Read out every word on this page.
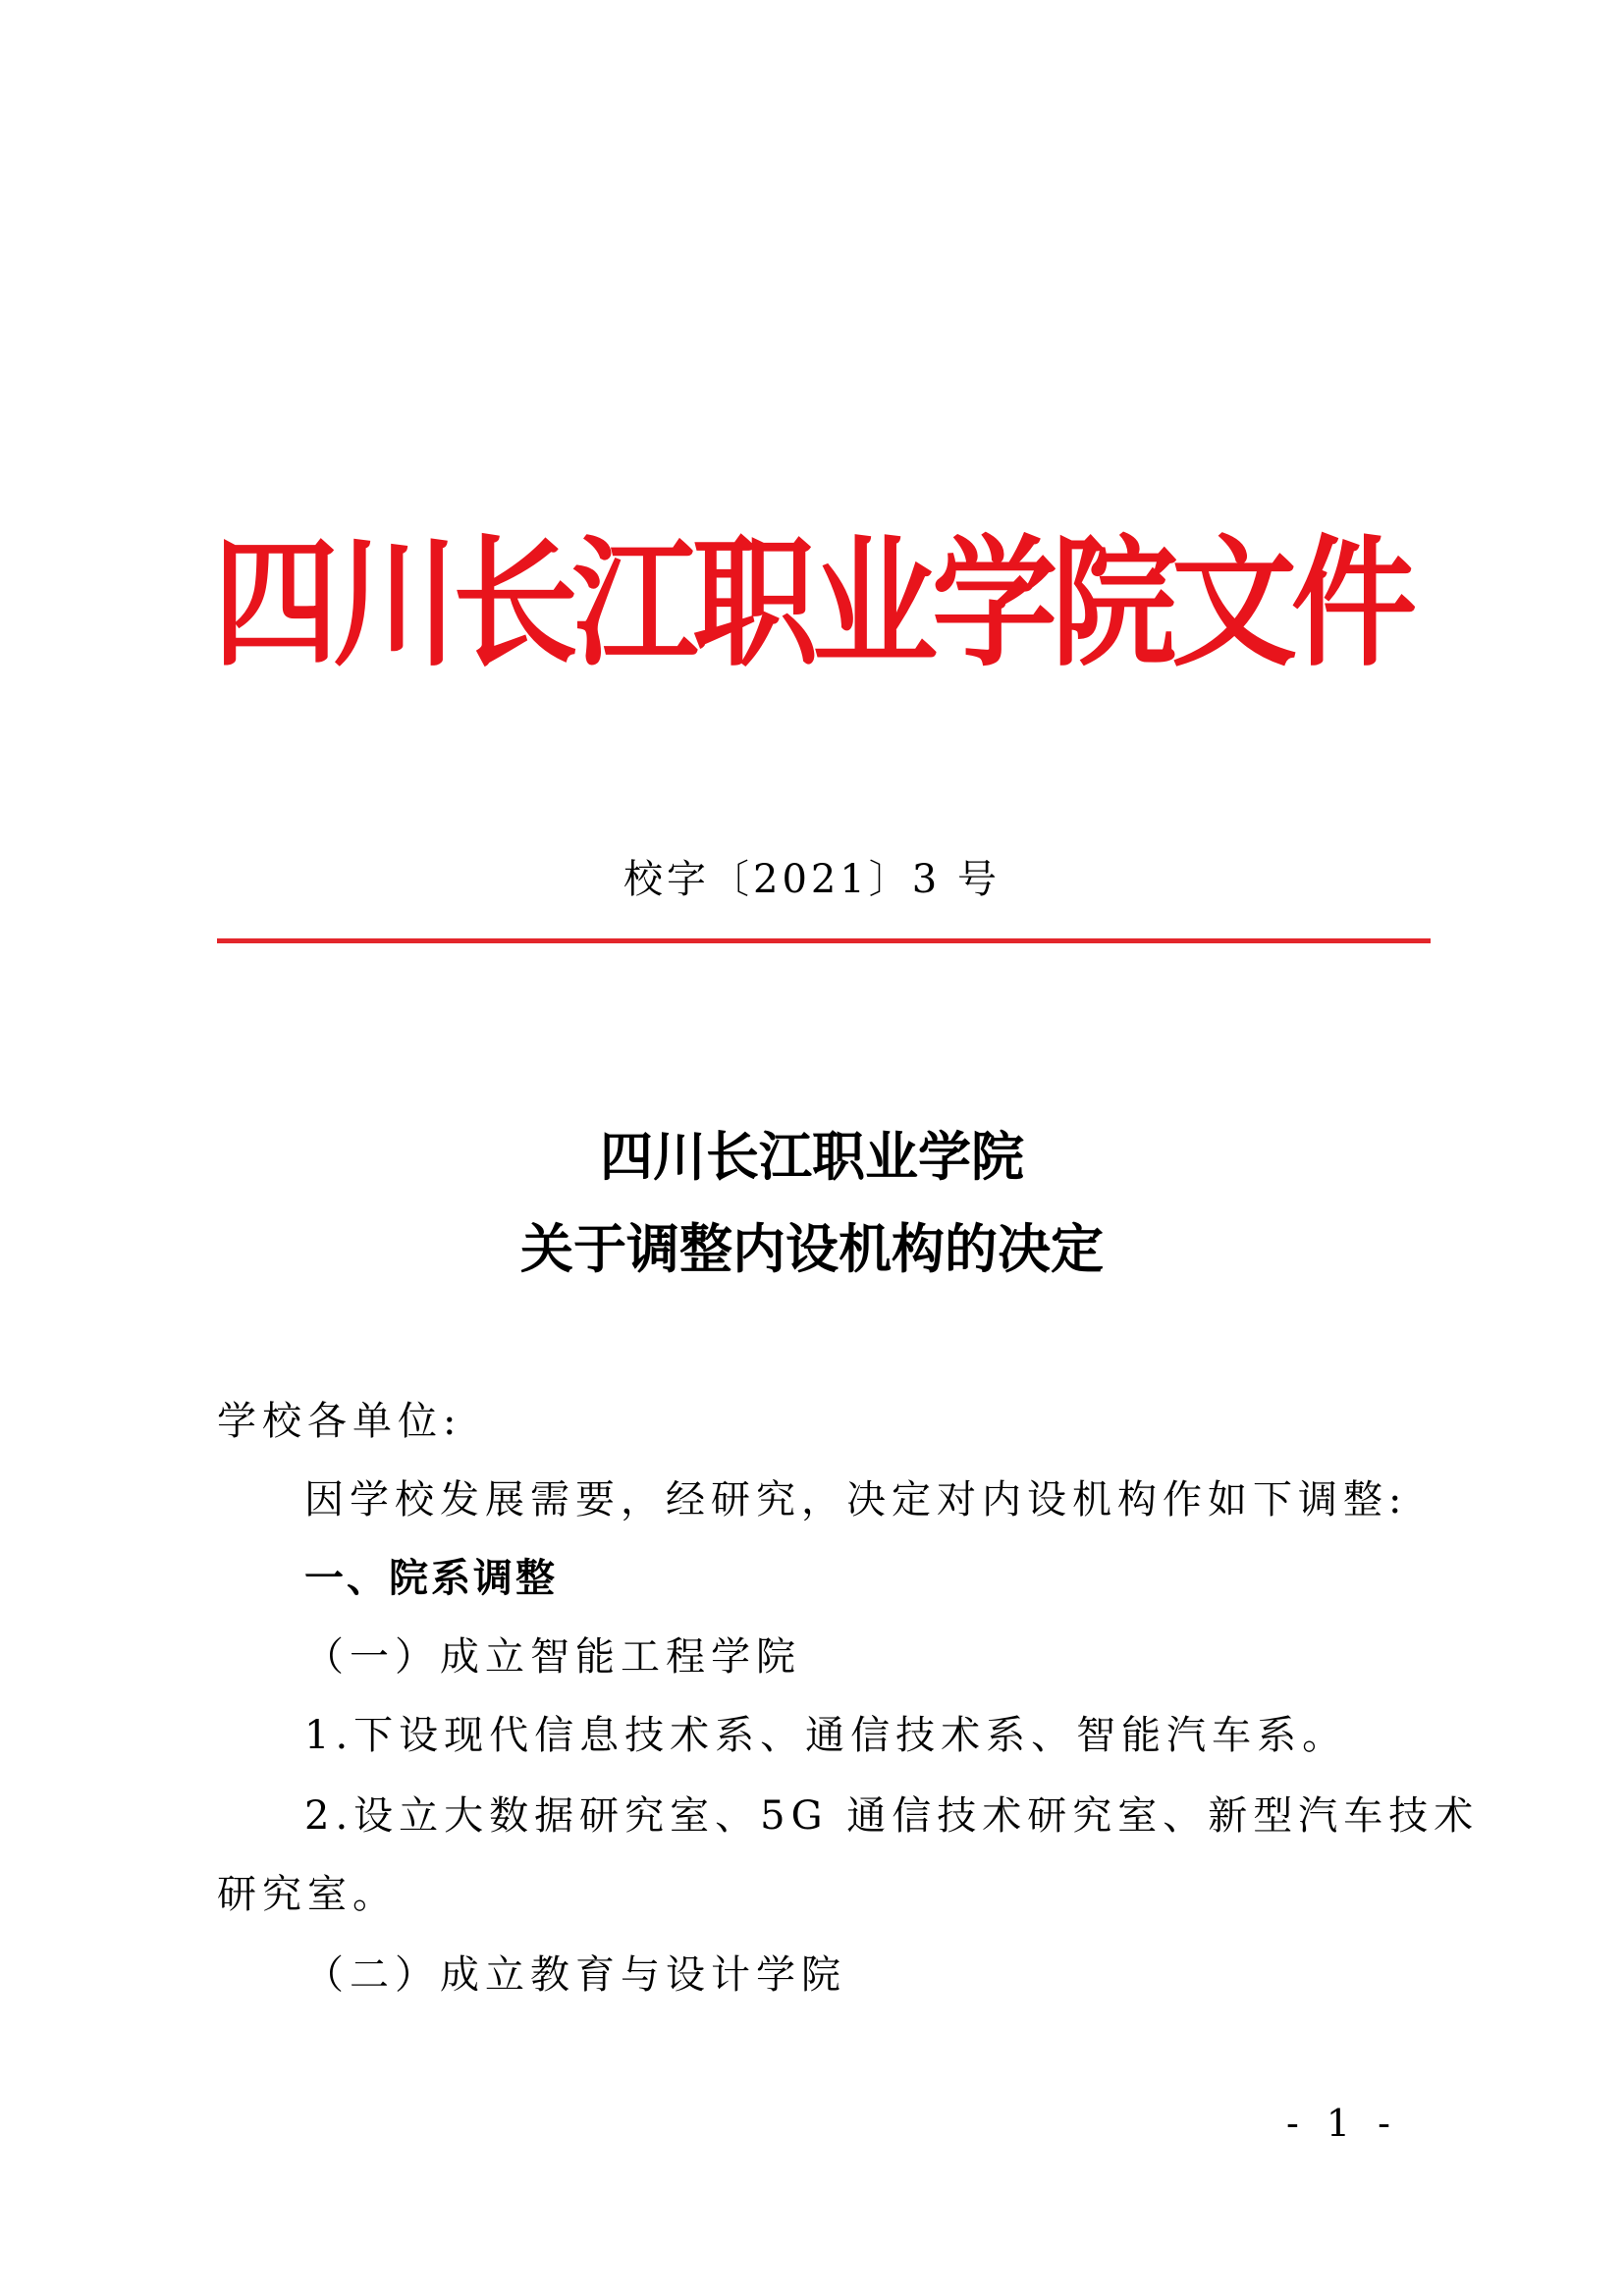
四川长江职业学院文件
校字〔2021〕3 号
四川长江职业学院
关于调整内设机构的决定
学校各单位:
因学校发展需要，经研究，决定对内设机构作如下调整:
一、院系调整
（一）成立智能工程学院
1.下设现代信息技术系、通信技术系、智能汽车系。
2.设立大数据研究室、5G 通信技术研究室、新型汽车技术
研究室。
（二）成立教育与设计学院
- 1 -
